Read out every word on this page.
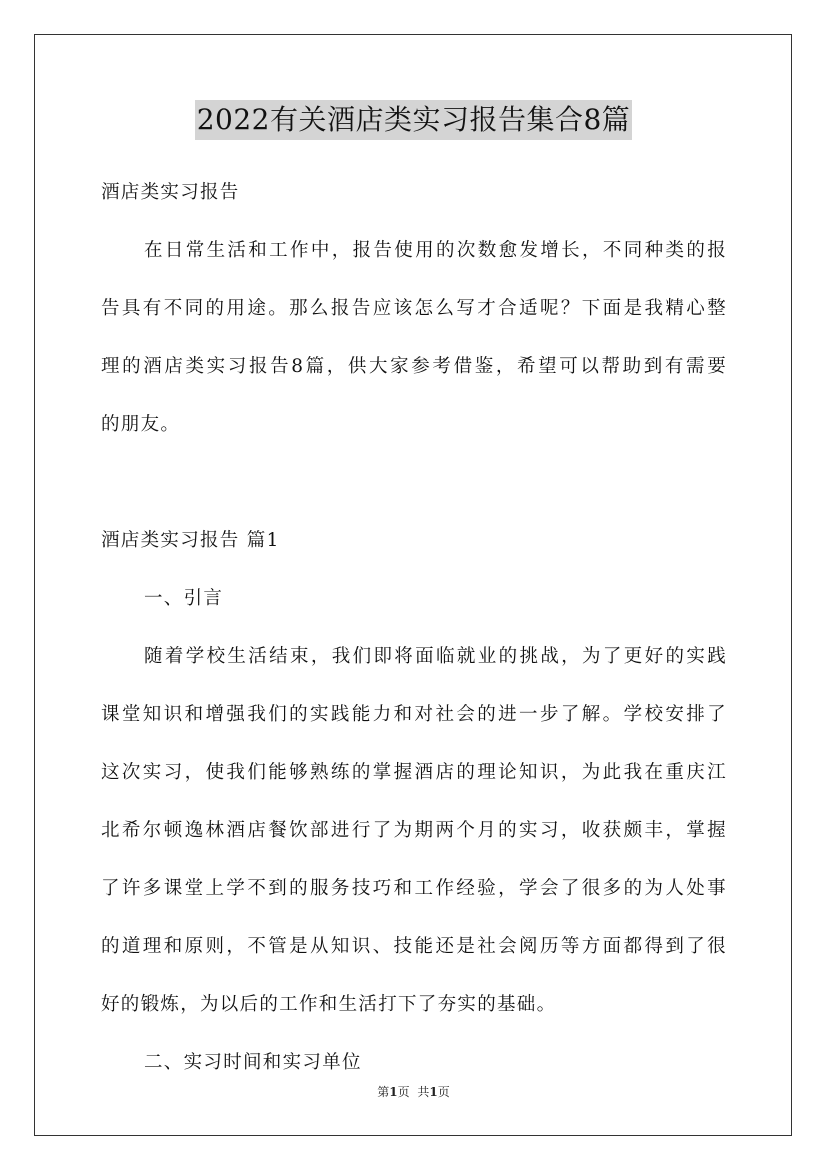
2022有关酒店类实习报告集合8篇
酒店类实习报告
在日常生活和工作中，报告使用的次数愈发增长，不同种类的报
告具有不同的用途。那么报告应该怎么写才合适呢？下面是我精心整
理的酒店类实习报告8篇，供大家参考借鉴，希望可以帮助到有需要
的朋友。
酒店类实习报告 篇1
一、引言
随着学校生活结束，我们即将面临就业的挑战，为了更好的实践
课堂知识和增强我们的实践能力和对社会的进一步了解。学校安排了
这次实习，使我们能够熟练的掌握酒店的理论知识，为此我在重庆江
北希尔顿逸林酒店餐饮部进行了为期两个月的实习，收获颇丰，掌握
了许多课堂上学不到的服务技巧和工作经验，学会了很多的为人处事
的道理和原则，不管是从知识、技能还是社会阅历等方面都得到了很
好的锻炼，为以后的工作和生活打下了夯实的基础。
二、实习时间和实习单位
第1页 共1页
